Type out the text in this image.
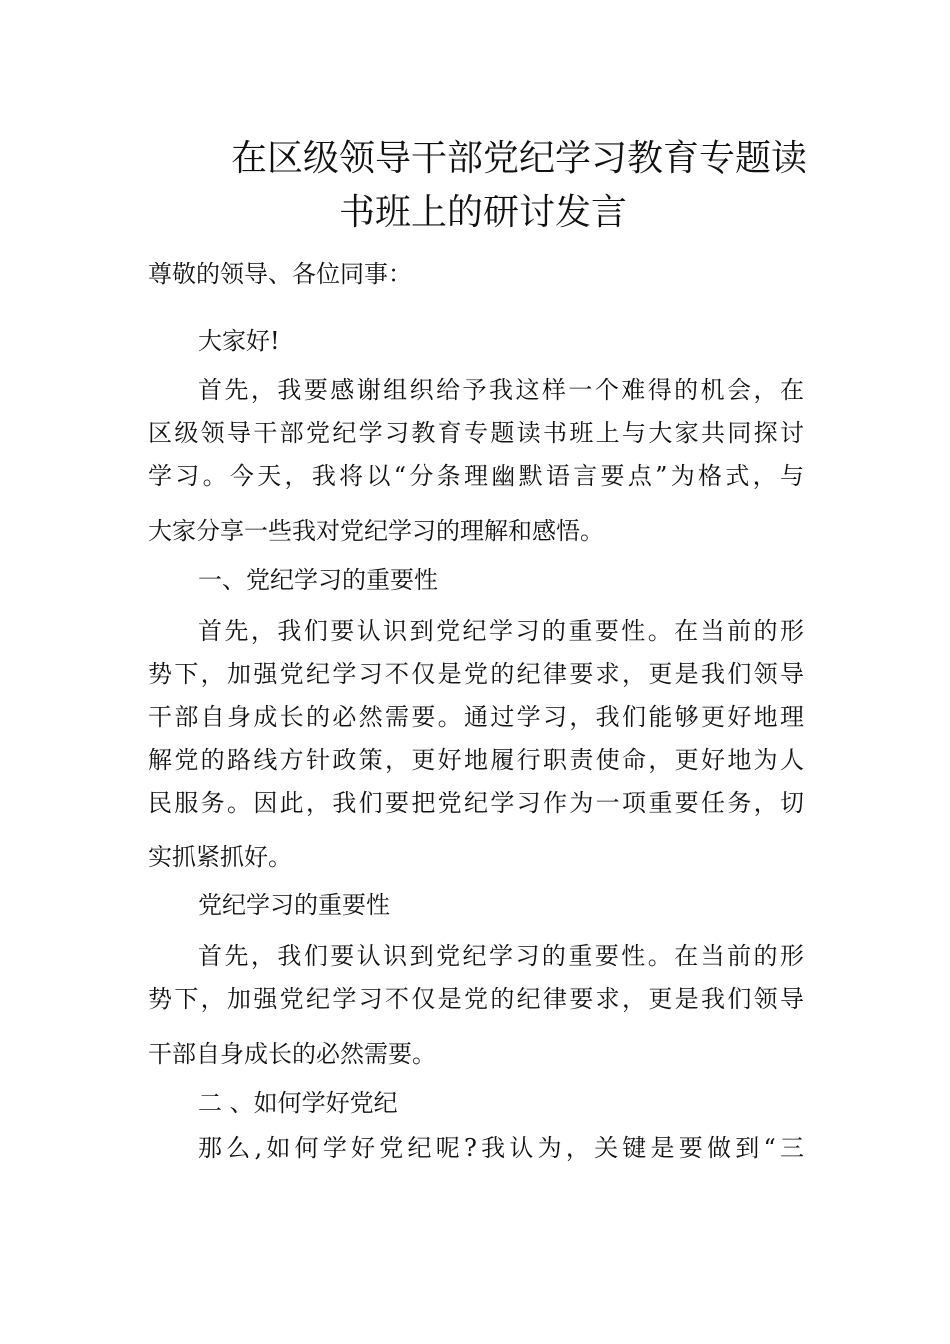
在区级领导干部党纪学习教育专题读
书班上的研讨发言

尊敬的领导、各位同事：

大家好!

首先，我要感谢组织给予我这样一个难得的机会，在

区级领导干部党纪学习教育专题读书班上与大家共同探讨

学习。今天，我将以“分条理幽默语言要点”为格式，与

大家分享一些我对党纪学习的理解和感悟。

一、党纪学习的重要性

首先，我们要认识到党纪学习的重要性。在当前的形

势下，加强党纪学习不仅是党的纪律要求，更是我们领导

干部自身成长的必然需要。通过学习，我们能够更好地理

解党的路线方针政策，更好地履行职责使命，更好地为人

民服务。因此，我们要把党纪学习作为一项重要任务，切

实抓紧抓好。

党纪学习的重要性

首先，我们要认识到党纪学习的重要性。在当前的形

势下，加强党纪学习不仅是党的纪律要求，更是我们领导

干部自身成长的必然需要。

二 、如何学好党纪

那么,如何学好党纪呢?我认为，关键是要做到“三
